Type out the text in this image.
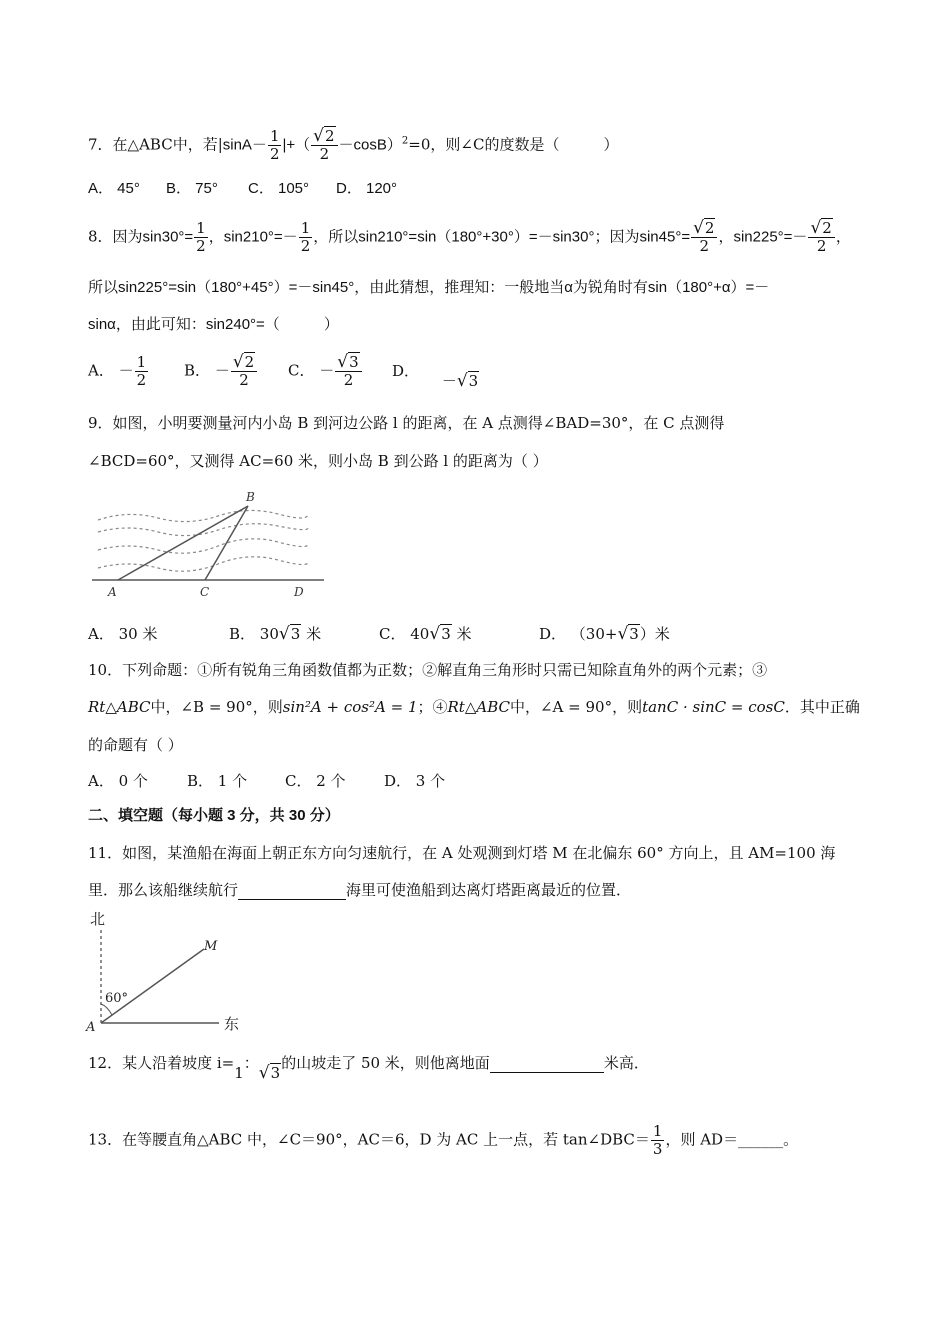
7．在△ABC中，若$|\sin A- \frac{1}{2}$ |+（ $\frac{√2}{2} -\cos B)^2=0$，则∠C的度数是（	）
A． 45° B． 75° C． 105° D． 120°
8．因为$\sin 30^\circ= \frac{1}{2}$ ，$\sin 210^\circ=- \frac{1}{2}$ ，所以sin210°=sin（180°+30°）=－sin30°；因为$\sin 45^\circ= \frac{√2}{2}$ ，$\sin 225^\circ=- \frac{√2}{2}$ ，
所以sin225°=sin（180°+45°）=－sin45°，由此猜想，推理知：一般地当α为锐角时有sin（180°+α）=－
sinα，由此可知：sin240°=（	）
A． － $\frac{1}{2}$ B． － $\frac{√2}{2}$ C． － $\frac{√3}{2}$ D． －√3
9．如图，小明要测量河内小岛 B 到河边公路 l 的距离，在 A 点测得∠BAD=30°，在 C 点测得
∠BCD=60°，又测得 AC=60 米，则小岛 B 到公路 l 的距离为（ ）
B
A	C	D
A． 30 米	B． 30√3 米	C． 40√3 米	D． （30+√3）米
10．下列命题：①所有锐角三角函数值都为正数；②解直角三角形时只需已知除直角外的两个元素；③
Rt△ABC中，∠B = 90°，则sin²A + cos²A = 1；④Rt△ABC中，∠A = 90°，则tanC · sinC = cosC．其中正确
的命题有（ ）
A． 0 个	B． 1 个	C． 2 个	D． 3 个
二、填空题（每小题 3 分，共 30 分）
11．如图，某渔船在海面上朝正东方向匀速航行，在 A 处观测到灯塔 M 在北偏东 60° 方向上，且 AM=100 海
里．那么该船继续航行	海里可使渔船到达离灯塔距离最近的位置．
北
60°
M
A	东
12．某人沿着坡度 i=1：√3的山坡走了 50 米，则他离地面	米高．
13．在等腰直角△ABC 中，∠C＝90°，AC＝6，D 为 AC 上一点，若 tan∠DBC＝ $\frac{1}{3}$ ，则 AD＝______。
